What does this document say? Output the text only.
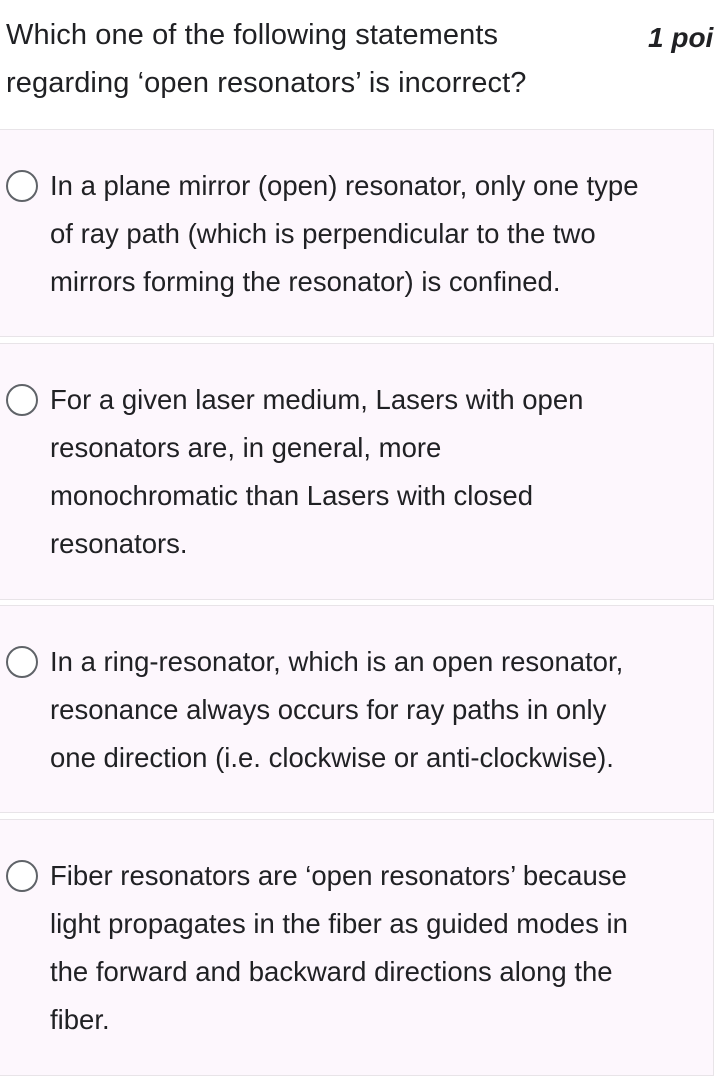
Which one of the following statements
regarding ‘open resonators’ is incorrect?
1 poi
In a plane mirror (open) resonator, only one type
of ray path (which is perpendicular to the two
mirrors forming the resonator) is confined.
For a given laser medium, Lasers with open
resonators are, in general, more
monochromatic than Lasers with closed
resonators.
In a ring-resonator, which is an open resonator,
resonance always occurs for ray paths in only
one direction (i.e. clockwise or anti-clockwise).
Fiber resonators are ‘open resonators’ because
light propagates in the fiber as guided modes in
the forward and backward directions along the
fiber.
